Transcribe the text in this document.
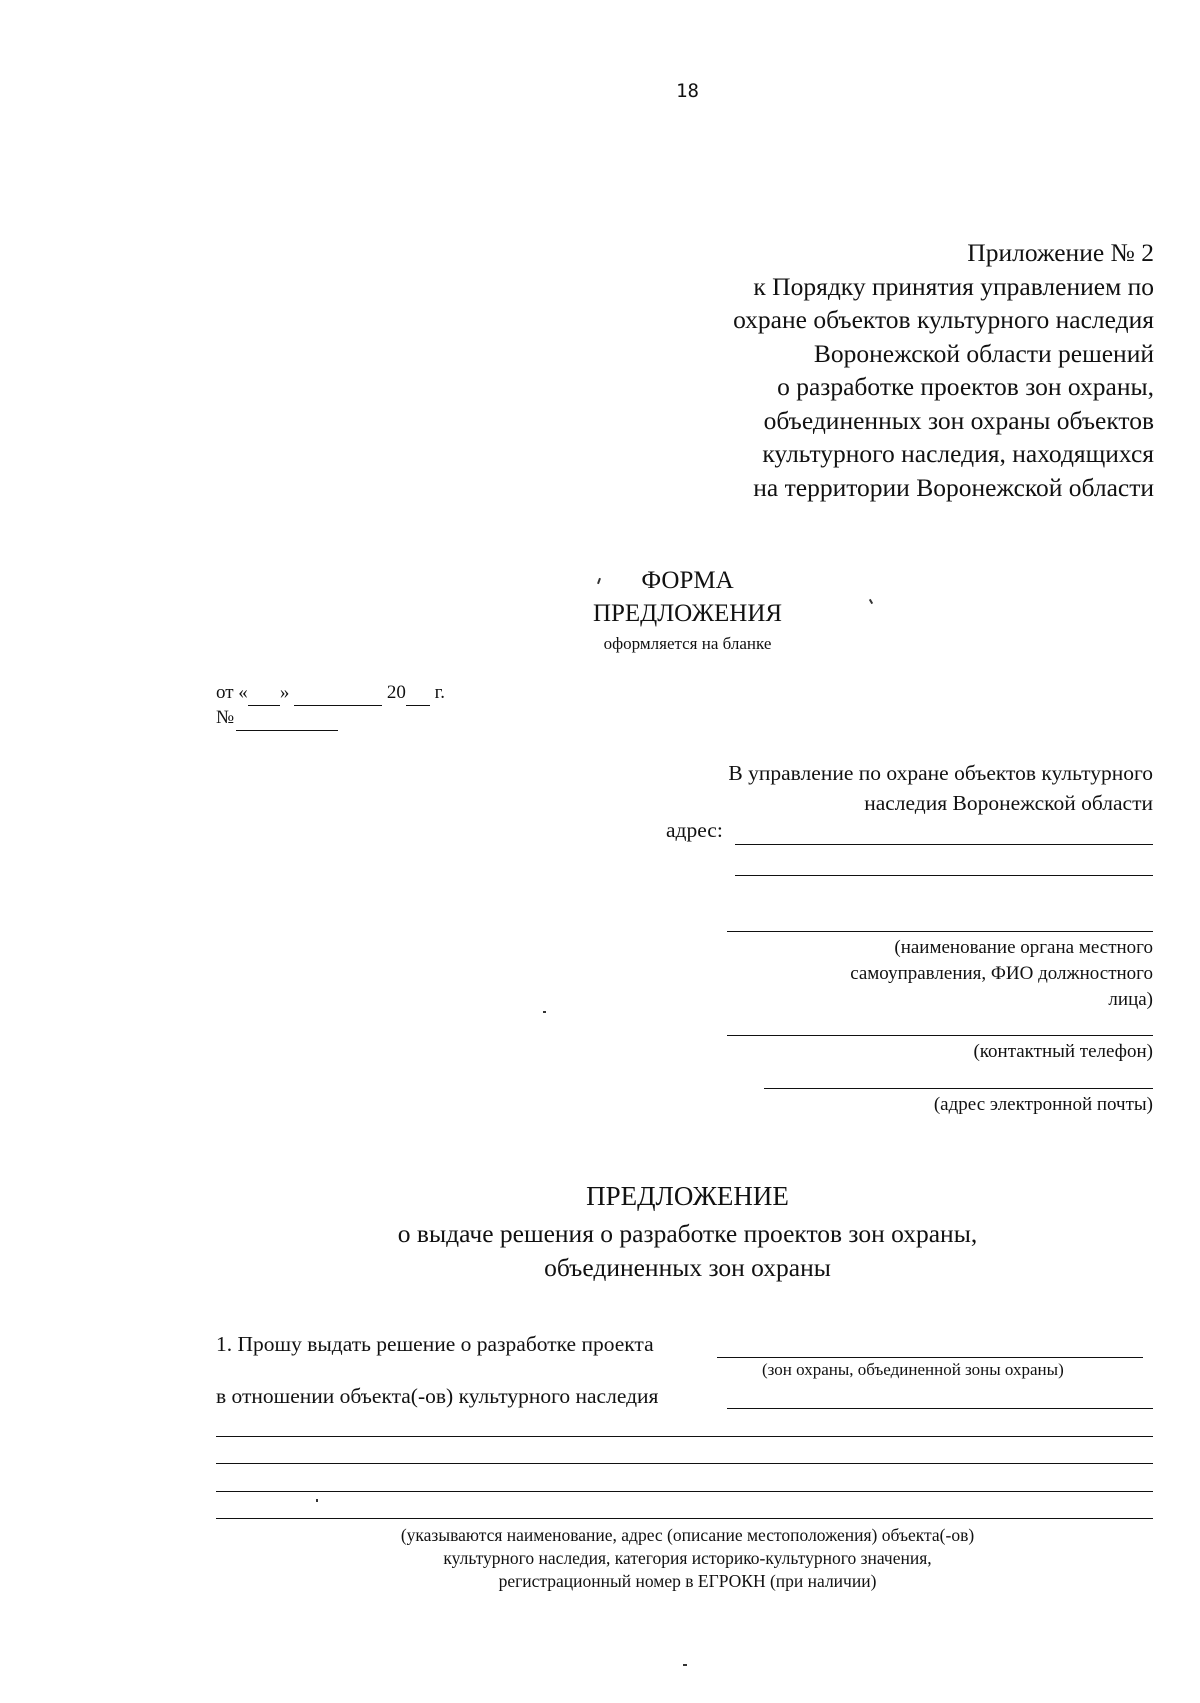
18
Приложение № 2
к Порядку принятия управлением по
охране объектов культурного наследия
Воронежской области решений
о разработке проектов зон охраны,
объединенных зон охраны объектов
культурного наследия, находящихся
на территории Воронежской области
ФОРМА
ПРЕДЛОЖЕНИЯ
оформляется на бланке
от « »	20 г.
№
В управление по охране объектов культурного
наследия Воронежской области
адрес:
(наименование органа местного
самоуправления, ФИО должностного
лица)
(контактный телефон)
(адрес электронной почты)
ПРЕДЛОЖЕНИЕ
о выдаче решения о разработке проектов зон охраны,
объединенных зон охраны
1. Прошу выдать решение о разработке проекта
(зон охраны, объединенной зоны охраны)
в отношении объекта(-ов) культурного наследия
(указываются наименование, адрес (описание местоположения) объекта(-ов)
культурного наследия, категория историко-культурного значения,
регистрационный номер в ЕГРОКН (при наличии)
